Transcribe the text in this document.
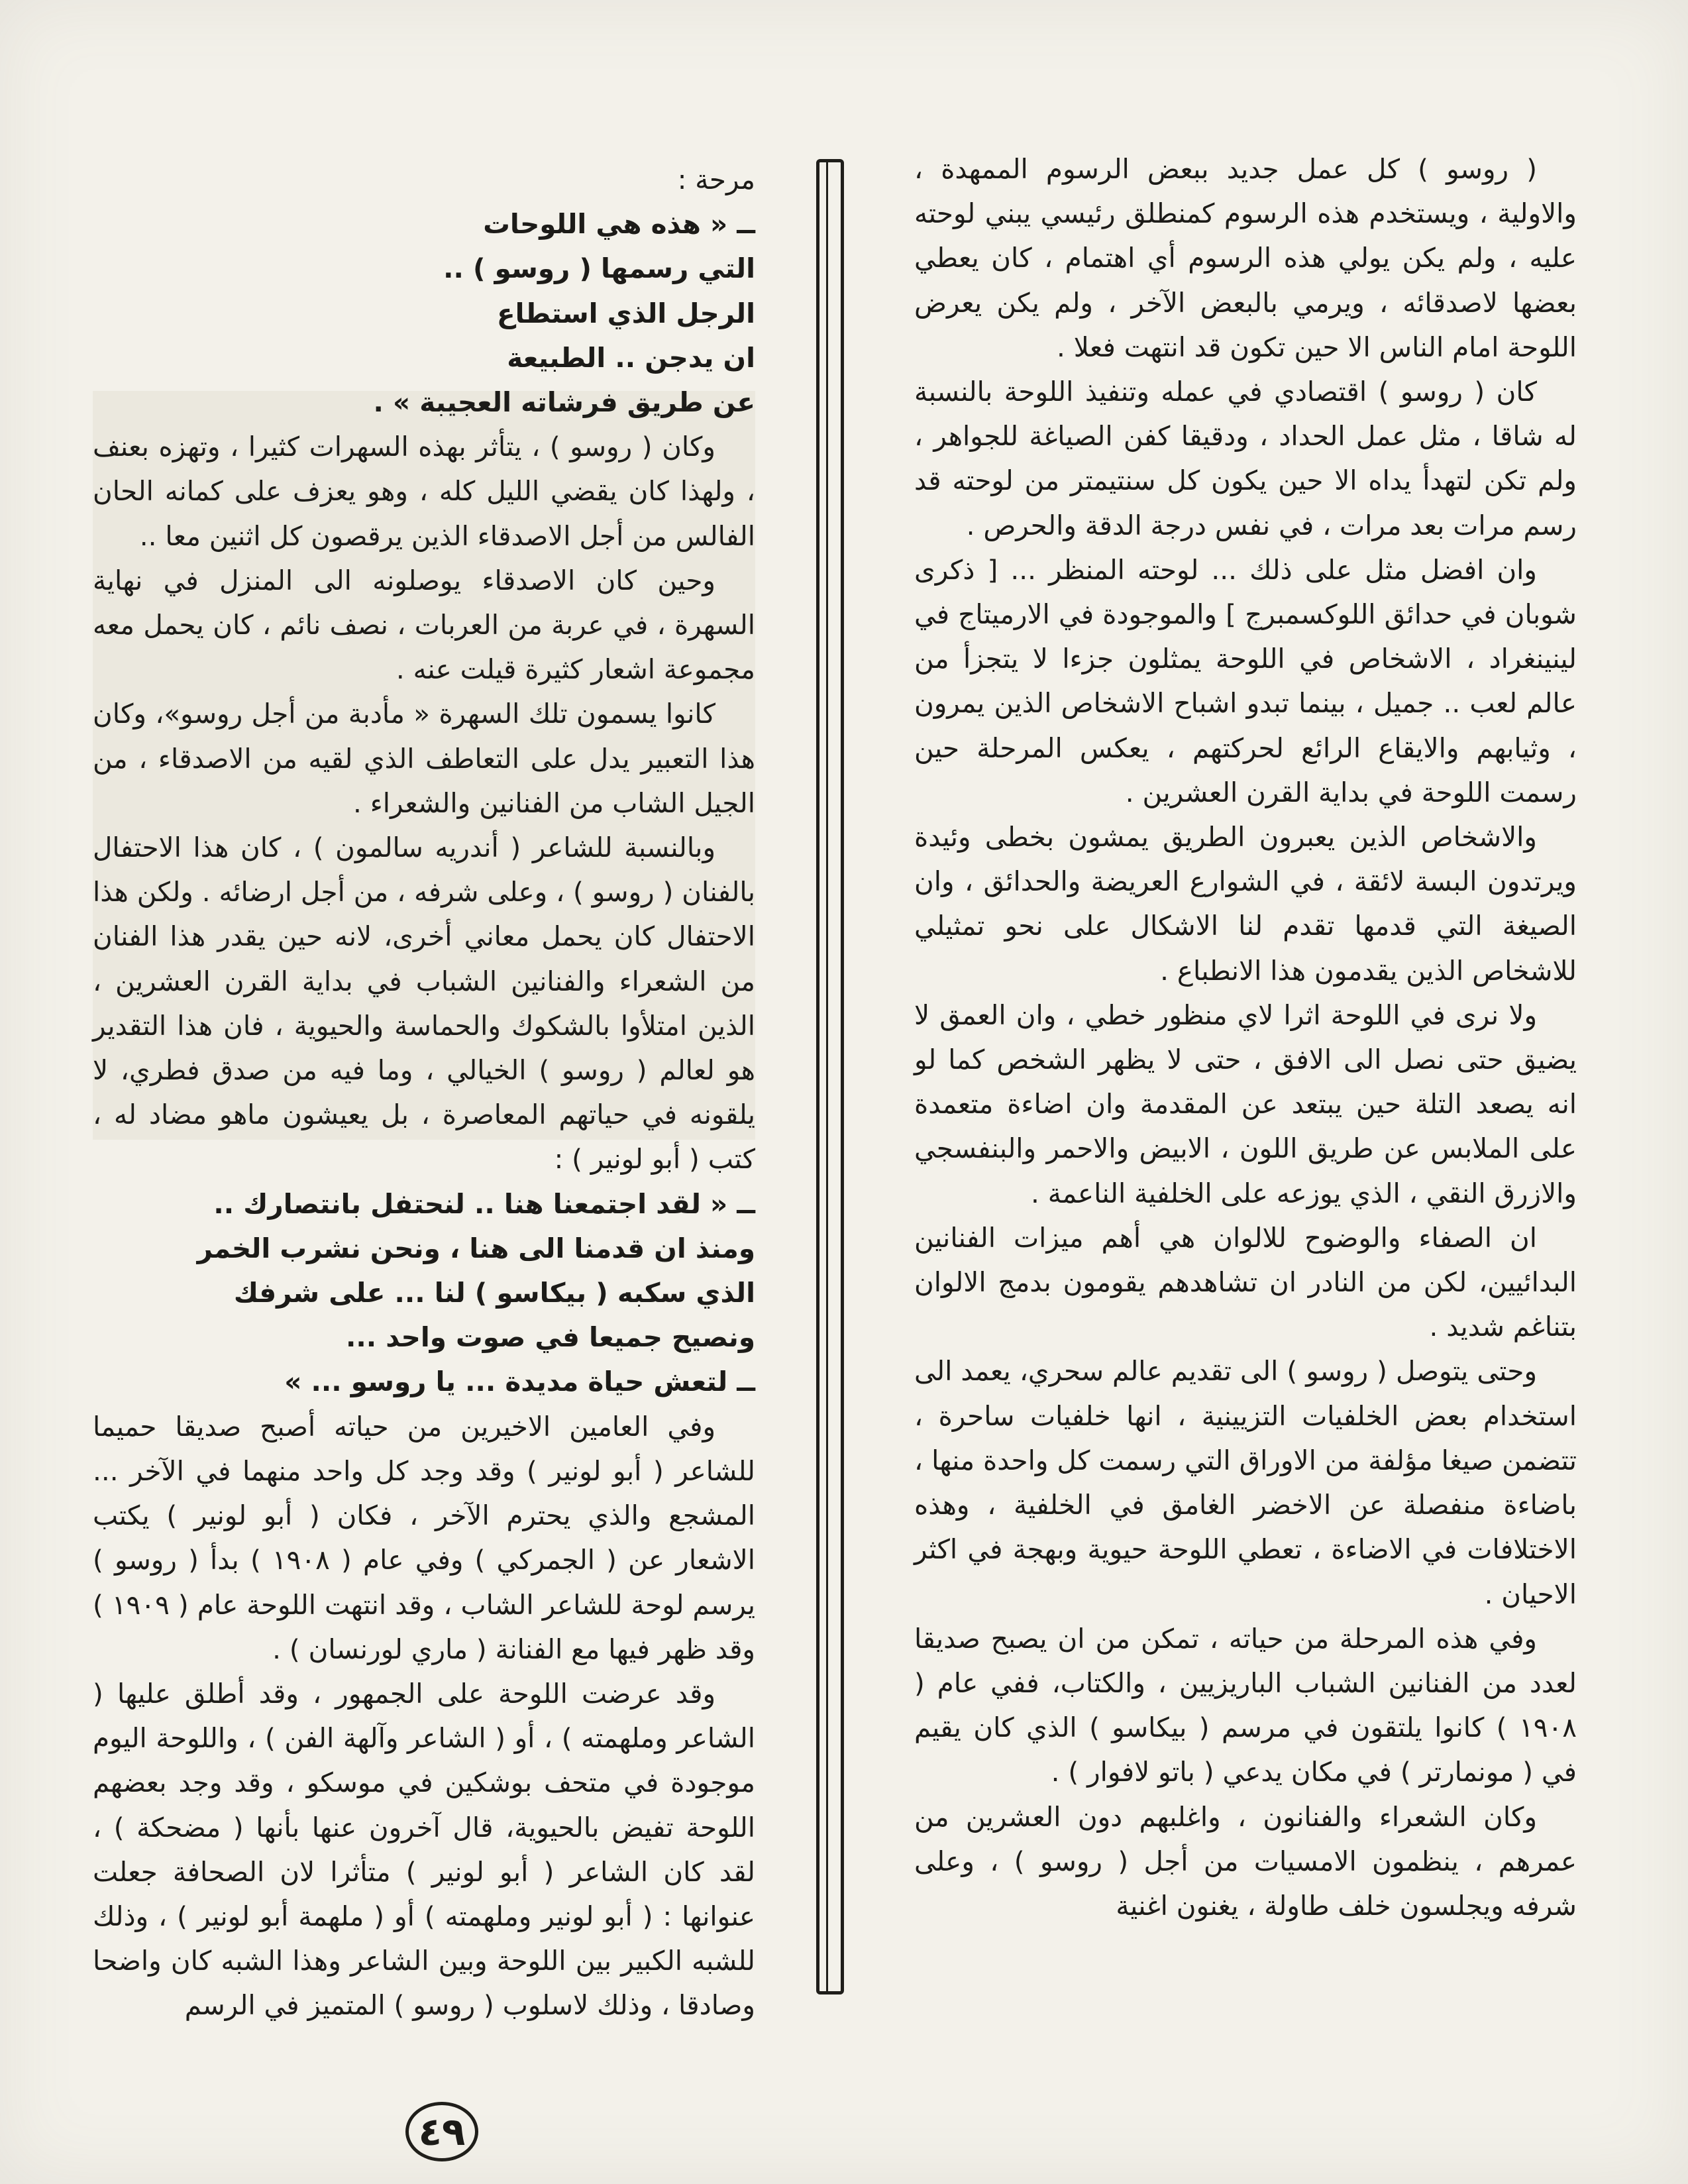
( روسو ) كل عمل جديد ببعض الرسوم الممهدة ، والاولية ، ويستخدم هذه الرسوم كمنطلق رئيسي يبني لوحته عليه ، ولم يكن يولي هذه الرسوم أي اهتمام ، كان يعطي بعضها لاصدقائه ، ويرمي بالبعض الآخر ، ولم يكن يعرض اللوحة امام الناس الا حين تكون قد انتهت فعلا .

كان ( روسو ) اقتصادي في عمله وتنفيذ اللوحة بالنسبة له شاقا ، مثل عمل الحداد ، ودقيقا كفن الصياغة للجواهر ، ولم تكن لتهدأ يداه الا حين يكون كل سنتيمتر من لوحته قد رسم مرات بعد مرات ، في نفس درجة الدقة والحرص .

وان افضل مثل على ذلك ... لوحته المنظر ... [ ذكرى شوبان في حدائق اللوكسمبرج ] والموجودة في الارميتاج في لينينغراد ، الاشخاص في اللوحة يمثلون جزءا لا يتجزأ من عالم لعب .. جميل ، بينما تبدو اشباح الاشخاص الذين يمرون ، وثيابهم والايقاع الرائع لحركتهم ، يعكس المرحلة حين رسمت اللوحة في بداية القرن العشرين .

والاشخاص الذين يعبرون الطريق يمشون بخطى وئيدة ويرتدون البسة لائقة ، في الشوارع العريضة والحدائق ، وان الصيغة التي قدمها تقدم لنا الاشكال على نحو تمثيلي للاشخاص الذين يقدمون هذا الانطباع .

ولا نرى في اللوحة اثرا لاي منظور خطي ، وان العمق لا يضيق حتى نصل الى الافق ، حتى لا يظهر الشخص كما لو انه يصعد التلة حين يبتعد عن المقدمة وان اضاءة متعمدة على الملابس عن طريق اللون ، الابيض والاحمر والبنفسجي والازرق النقي ، الذي يوزعه على الخلفية الناعمة .

ان الصفاء والوضوح للالوان هي أهم ميزات الفنانين البدائيين، لكن من النادر ان تشاهدهم يقومون بدمج الالوان بتناغم شديد .

وحتى يتوصل ( روسو ) الى تقديم عالم سحري، يعمد الى استخدام بعض الخلفيات التزيينية ، انها خلفيات ساحرة ، تتضمن صيغا مؤلفة من الاوراق التي رسمت كل واحدة منها ، باضاءة منفصلة عن الاخضر الغامق في الخلفية ، وهذه الاختلافات في الاضاءة ، تعطي اللوحة حيوية وبهجة في اكثر الاحيان .

وفي هذه المرحلة من حياته ، تمكن من ان يصبح صديقا لعدد من الفنانين الشباب الباريزيين ، والكتاب، ففي عام ( ١٩٠٨ ) كانوا يلتقون في مرسم ( بيكاسو ) الذي كان يقيم في ( مونمارتر ) في مكان يدعي ( باتو لافوار ) .

وكان الشعراء والفنانون ، واغلبهم دون العشرين من عمرهم ، ينظمون الامسيات من أجل ( روسو ) ، وعلى شرفه ويجلسون خلف طاولة ، يغنون اغنية

مرحة :

ــ « هذه هي اللوحات

التي رسمها ( روسو ) ..

الرجل الذي استطاع

ان يدجن .. الطبيعة

عن طريق فرشاته العجيبة » .

وكان ( روسو ) ، يتأثر بهذه السهرات كثيرا ، وتهزه بعنف ، ولهذا كان يقضي الليل كله ، وهو يعزف على كمانه الحان الفالس من أجل الاصدقاء الذين يرقصون كل اثنين معا ..

وحين كان الاصدقاء يوصلونه الى المنزل في نهاية السهرة ، في عربة من العربات ، نصف نائم ، كان يحمل معه مجموعة اشعار كثيرة قيلت عنه .

كانوا يسمون تلك السهرة « مأدبة من أجل روسو»، وكان هذا التعبير يدل على التعاطف الذي لقيه من الاصدقاء ، من الجيل الشاب من الفنانين والشعراء .

وبالنسبة للشاعر ( أندريه سالمون ) ، كان هذا الاحتفال بالفنان ( روسو ) ، وعلى شرفه ، من أجل ارضائه . ولكن هذا الاحتفال كان يحمل معاني أخرى، لانه حين يقدر هذا الفنان من الشعراء والفنانين الشباب في بداية القرن العشرين ، الذين امتلأوا بالشكوك والحماسة والحيوية ، فان هذا التقدير هو لعالم ( روسو ) الخيالي ، وما فيه من صدق فطري، لا يلقونه في حياتهم المعاصرة ، بل يعيشون ماهو مضاد له ، كتب ( أبو لونير ) :

ــ « لقد اجتمعنا هنا .. لنحتفل بانتصارك ..

ومنذ ان قدمنا الى هنا ، ونحن نشرب الخمر

الذي سكبه ( بيكاسو ) لنا ... على شرفك

ونصيح جميعا في صوت واحد ...

ــ لتعش حياة مديدة ... يا روسو ... »

وفي العامين الاخيرين من حياته أصبح صديقا حميما للشاعر ( أبو لونير ) وقد وجد كل واحد منهما في الآخر ... المشجع والذي يحترم الآخر ، فكان ( أبو لونير ) يكتب الاشعار عن ( الجمركي ) وفي عام ( ١٩٠٨ ) بدأ ( روسو ) يرسم لوحة للشاعر الشاب ، وقد انتهت اللوحة عام ( ١٩٠٩ ) وقد ظهر فيها مع الفنانة ( ماري لورنسان ) .

وقد عرضت اللوحة على الجمهور ، وقد أطلق عليها ( الشاعر وملهمته ) ، أو ( الشاعر وآلهة الفن ) ، واللوحة اليوم موجودة في متحف بوشكين في موسكو ، وقد وجد بعضهم اللوحة تفيض بالحيوية، قال آخرون عنها بأنها ( مضحكة ) ، لقد كان الشاعر ( أبو لونير ) متأثرا لان الصحافة جعلت عنوانها : ( أبو لونير وملهمته ) أو ( ملهمة أبو لونير ) ، وذلك للشبه الكبير بين اللوحة وبين الشاعر وهذا الشبه كان واضحا وصادقا ، وذلك لاسلوب ( روسو ) المتميز في الرسم

٤٩
